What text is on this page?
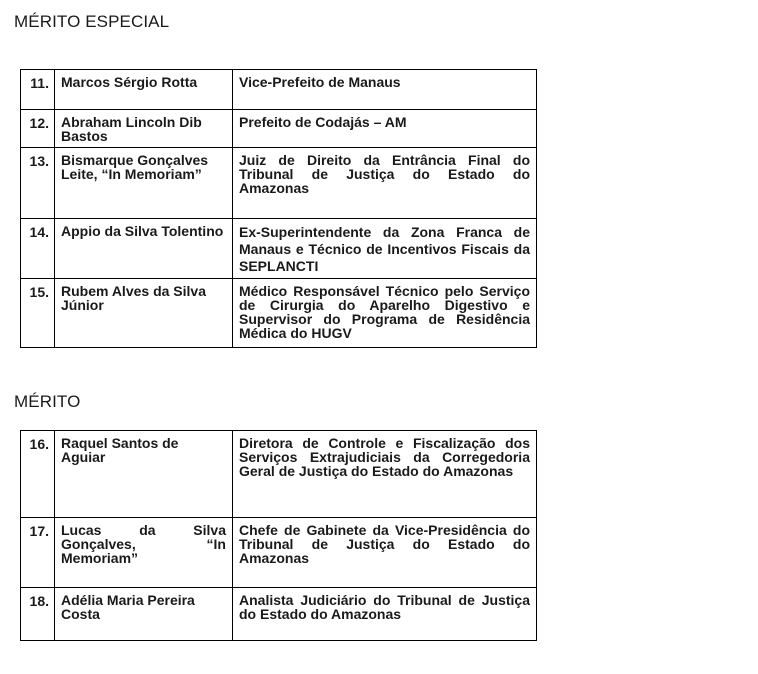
MÉRITO ESPECIAL
11.	Marcos Sérgio Rotta	Vice-Prefeito de Manaus
12.	Abraham Lincoln Dib Bastos	Prefeito de Codajás – AM
13.	Bismarque Gonçalves Leite, “In Memoriam”	Juiz de Direito da Entrância Final do Tribunal de Justiça do Estado do Amazonas
14.	Appio da Silva Tolentino	Ex-Superintendente da Zona Franca de Manaus e Técnico de Incentivos Fiscais da SEPLANCTI
15.	Rubem Alves da Silva Júnior	Médico Responsável Técnico pelo Serviço de Cirurgia do Aparelho Digestivo e Supervisor do Programa de Residência Médica do HUGV
MÉRITO
16.	Raquel Santos de Aguiar	Diretora de Controle e Fiscalização dos Serviços Extrajudiciais da Corregedoria Geral de Justiça do Estado do Amazonas
17.	Lucas da Silva Gonçalves, “In Memoriam”	Chefe de Gabinete da Vice-Presidência do Tribunal de Justiça do Estado do Amazonas
18.	Adélia Maria Pereira Costa	Analista Judiciário do Tribunal de Justiça do Estado do Amazonas
